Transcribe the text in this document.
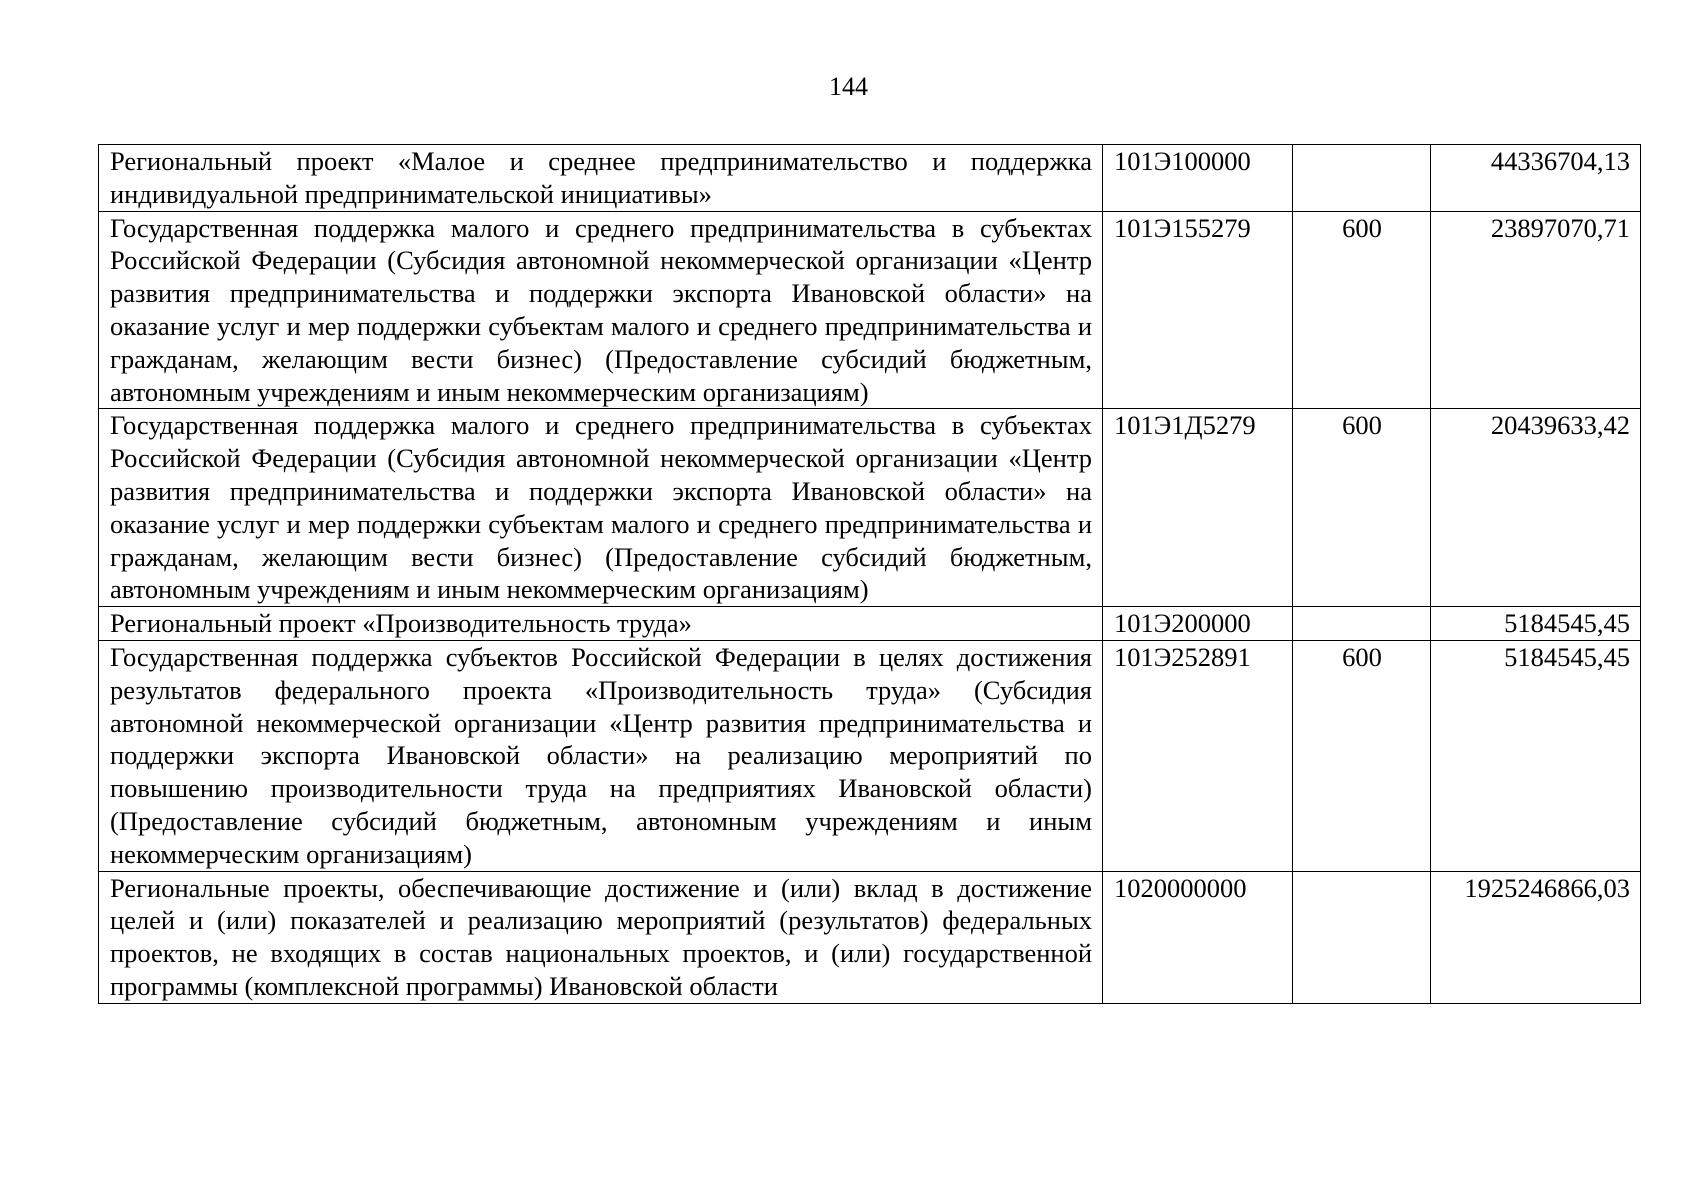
144
Региональный проект «Малое и среднее предпринимательство и поддержка индивидуальной предпринимательской инициативы»	101Э100000		44336704,13
Государственная поддержка малого и среднего предпринимательства в субъектах Российской Федерации (Субсидия автономной некоммерческой организации «Центр развития предпринимательства и поддержки экспорта Ивановской области» на оказание услуг и мер поддержки субъектам малого и среднего предпринимательства и гражданам, желающим вести бизнес) (Предоставление субсидий бюджетным, автономным учреждениям и иным некоммерческим организациям)	101Э155279	600	23897070,71
Государственная поддержка малого и среднего предпринимательства в субъектах Российской Федерации (Субсидия автономной некоммерческой организации «Центр развития предпринимательства и поддержки экспорта Ивановской области» на оказание услуг и мер поддержки субъектам малого и среднего предпринимательства и гражданам, желающим вести бизнес) (Предоставление субсидий бюджетным, автономным учреждениям и иным некоммерческим организациям)	101Э1Д5279	600	20439633,42
Региональный проект «Производительность труда»	101Э200000		5184545,45
Государственная поддержка субъектов Российской Федерации в целях достижения результатов федерального проекта «Производительность труда» (Субсидия автономной некоммерческой организации «Центр развития предпринимательства и поддержки экспорта Ивановской области» на реализацию мероприятий по повышению производительности труда на предприятиях Ивановской области) (Предоставление субсидий бюджетным, автономным учреждениям и иным некоммерческим организациям)	101Э252891	600	5184545,45
Региональные проекты, обеспечивающие достижение и (или) вклад в достижение целей и (или) показателей и реализацию мероприятий (результатов) федеральных проектов, не входящих в состав национальных проектов, и (или) государственной программы (комплексной программы) Ивановской области	1020000000		1925246866,03
